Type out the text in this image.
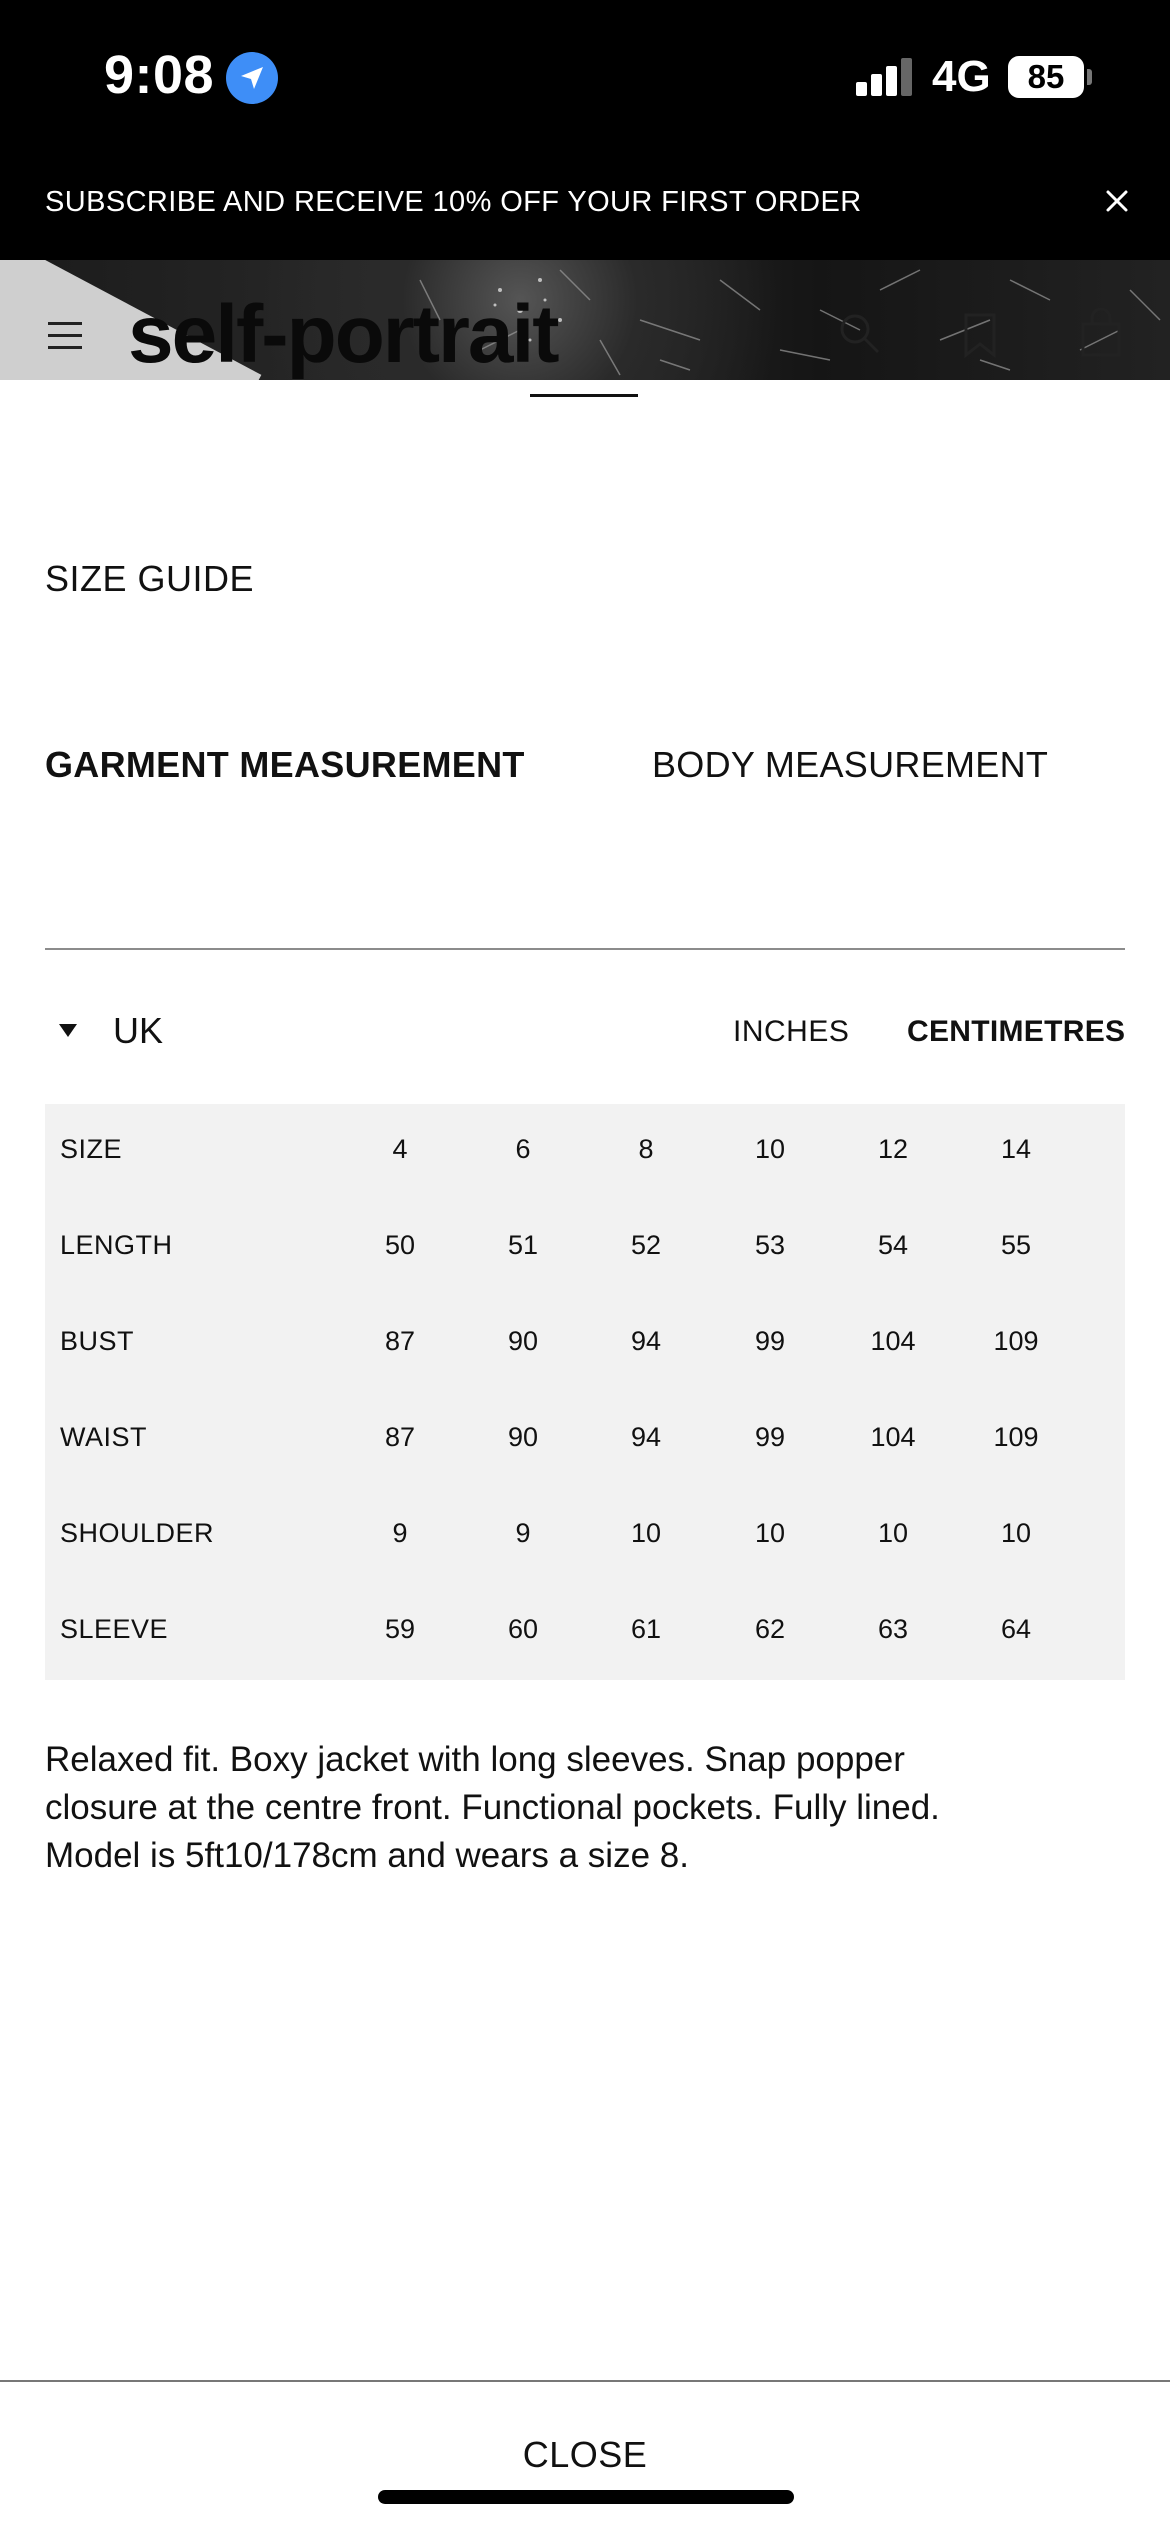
9:08	4G	85
SUBSCRIBE AND RECEIVE 10% OFF YOUR FIRST ORDER
self-portrait
SIZE GUIDE
GARMENT MEASUREMENT	BODY MEASUREMENT
UK	INCHES CENTIMETRES
SIZE	4	6	8	10	12	14
LENGTH	50	51	52	53	54	55
BUST	87	90	94	99	104	109
WAIST	87	90	94	99	104	109
SHOULDER	9	9	10	10	10	10
SLEEVE	59	60	61	62	63	64

Relaxed fit. Boxy jacket with long sleeves. Snap popper closure at the centre front. Functional pockets. Fully lined. Model is 5ft10/178cm and wears a size 8.

CLOSE
